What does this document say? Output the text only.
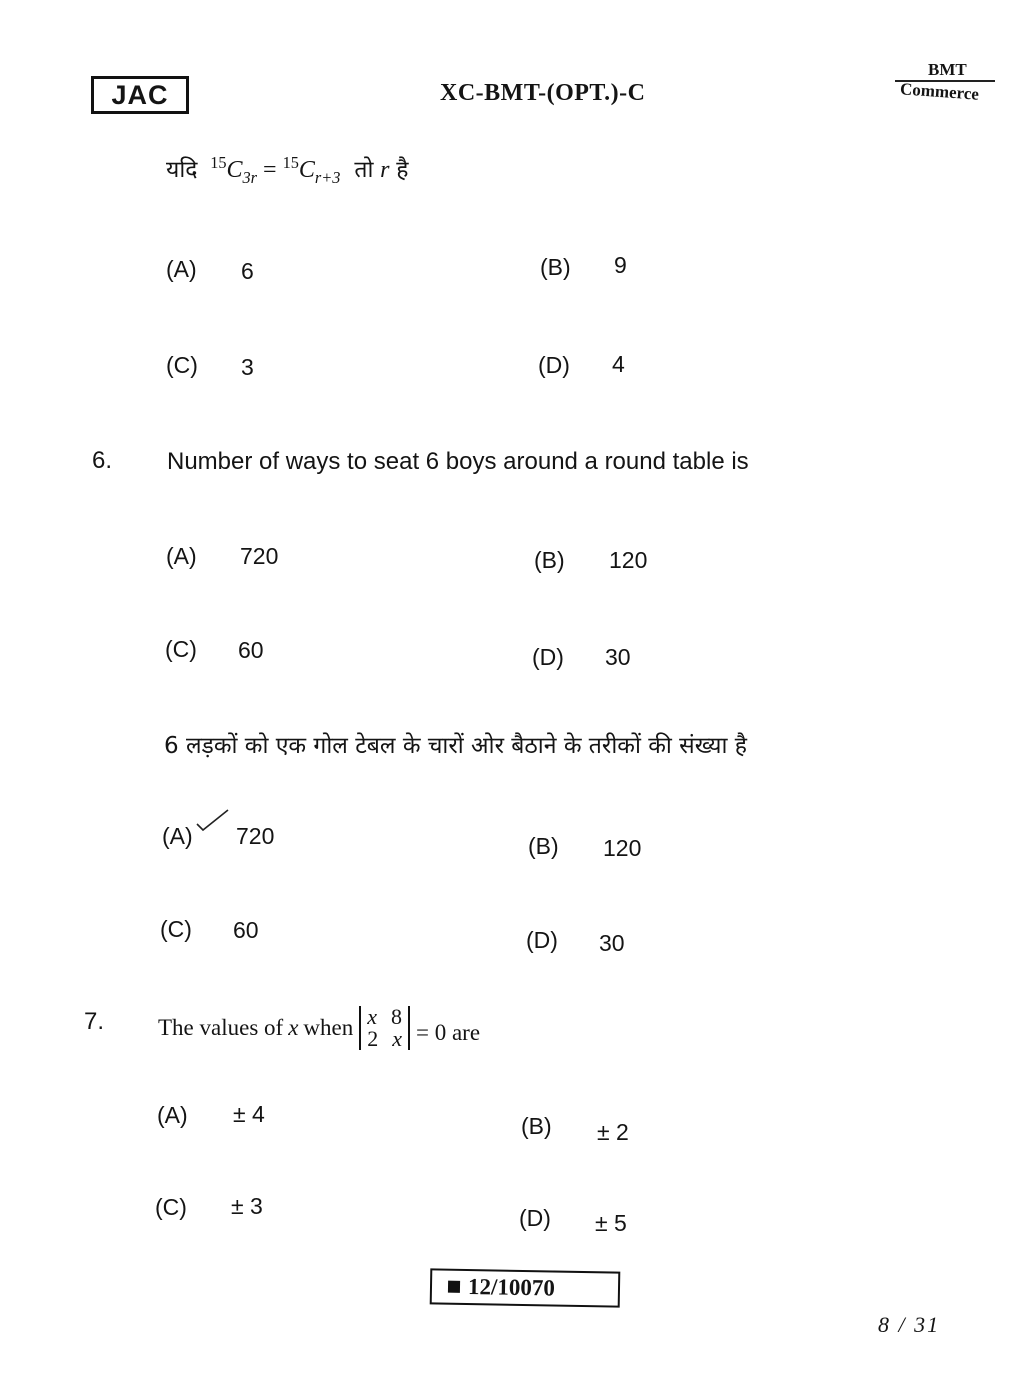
JAC	XC-BMT-(OPT.)-C
BMT
Commerce
यदि $^{15}C_{3r} = ^{15}C_{r+3}$ तो r है
(A) 6	(B) 9
(C) 3	(D) 4
6. Number of ways to seat 6 boys around a round table is
(A) 720	(B) 120
(C) 60	(D) 30
6 लड़कों को एक गोल टेबल के चारों ओर बैठाने के तरीकों की संख्या है
(A) 720	(B) 120
(C) 60	(D) 30
7. The values of x when x 8
2 x = 0 are
(A) ± 4	(B) ± 2
(C) ± 3	(D) ± 5
12/10070
8 / 31
